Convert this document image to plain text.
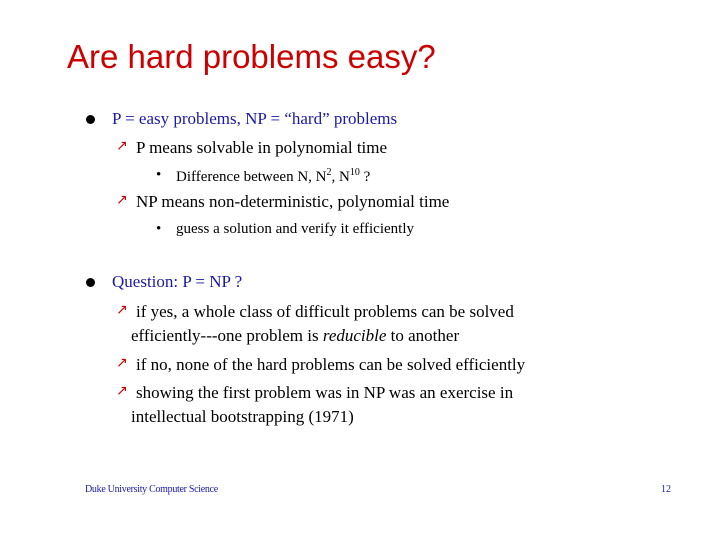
Are hard problems easy?
P = easy problems, NP = “hard” problems
↗ P means solvable in polynomial time
• Difference between N, $N^2$, $N^{10}$ ?
↗ NP means non-deterministic, polynomial time
• guess a solution and verify it efficiently
Question: P = NP ?
↗ if yes, a whole class of difficult problems can be solved
efficiently---one problem is reducible to another
↗ if no, none of the hard problems can be solved efficiently
↗ showing the first problem was in NP was an exercise in
intellectual bootstrapping (1971)
Duke University Computer Science	12
